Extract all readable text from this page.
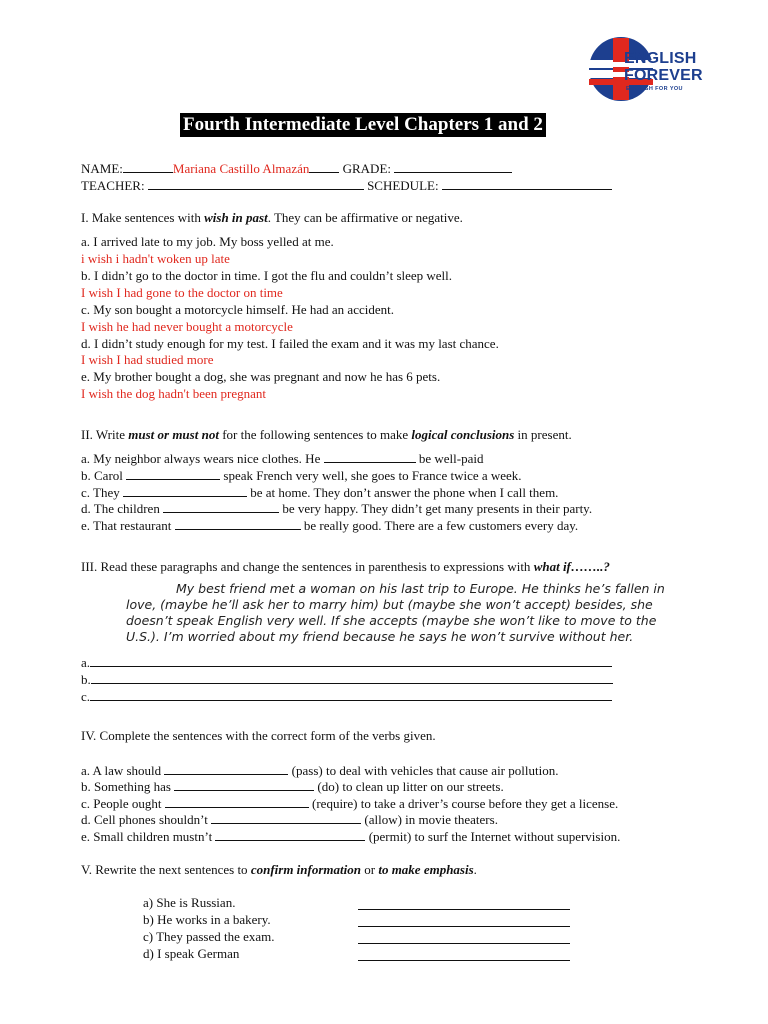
ENGLISH
FOREVER
ENGLISH FOR YOU
Fourth Intermediate Level Chapters 1 and 2
NAME:	Mariana Castillo Almazán	GRADE:
TEACHER:	SCHEDULE:
I. Make sentences with wish in past. They can be affirmative or negative.
a. I arrived late to my job. My boss yelled at me.
i wish i hadn't woken up late
b. I didn’t go to the doctor in time. I got the flu and couldn’t sleep well.
I wish I had gone to the doctor on time
c. My son bought a motorcycle himself. He had an accident.
I wish he had never bought a motorcycle
d. I didn’t study enough for my test. I failed the exam and it was my last chance.
I wish I had studied more
e. My brother bought a dog, she was pregnant and now he has 6 pets.
I wish the dog hadn't been pregnant
II. Write must or must not for the following sentences to make logical conclusions in present.
a. My neighbor always wears nice clothes. He	be well-paid
b. Carol	speak French very well, she goes to France twice a week.
c. They	be at home. They don’t answer the phone when I call them.
d. The children	be very happy. They didn’t get many presents in their party.
e. That restaurant	be really good. There are a few customers every day.
III. Read these paragraphs and change the sentences in parenthesis to expressions with what if……..?
My best friend met a woman on his last trip to Europe. He thinks he’s fallen in
love, (maybe he’ll ask her to marry him) but (maybe she won’t accept) besides, she
doesn’t speak English very well. If she accepts (maybe she won’t like to move to the
U.S.). I’m worried about my friend because he says he won’t survive without her.
a.
b.
c.
IV. Complete the sentences with the correct form of the verbs given.
a. A law should	(pass) to deal with vehicles that cause air pollution.
b. Something has	(do) to clean up litter on our streets.
c. People ought	(require) to take a driver’s course before they get a license.
d. Cell phones shouldn’t	(allow) in movie theaters.
e. Small children mustn’t	(permit) to surf the Internet without supervision.
V. Rewrite the next sentences to confirm information or to make emphasis.
a) She is Russian.
b) He works in a bakery.
c) They passed the exam.
d) I speak German
